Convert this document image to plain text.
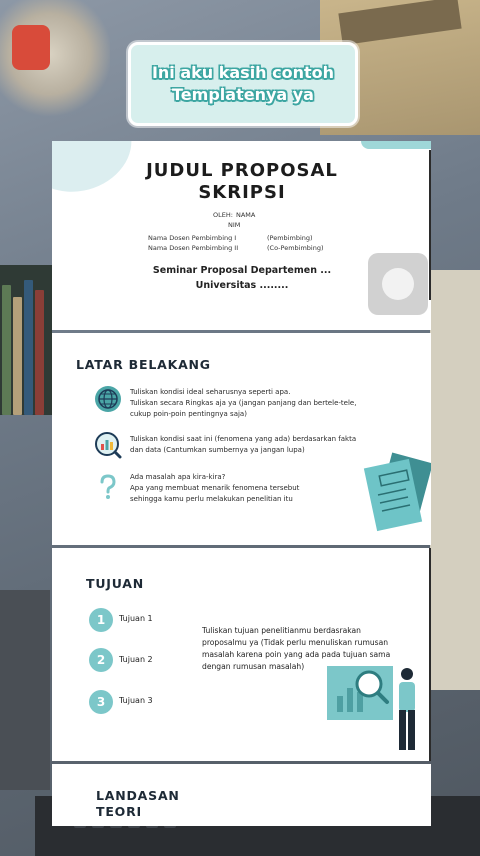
Ini aku kasih contoh
Templatenya ya
JUDUL PROPOSAL
SKRIPSI
OLEH: NAMA
NIM
Nama Dosen Pembimbing I	(Pembimbing)
Nama Dosen Pembimbing II	(Co-Pembimbing)
Seminar Proposal Departemen ...
Universitas ........
LATAR BELAKANG
Tuliskan kondisi ideal seharusnya seperti apa.
Tuliskan secara Ringkas aja ya (jangan panjang dan bertele-tele,
cukup poin-poin pentingnya saja)
Tuliskan kondisi saat ini (fenomena yang ada) berdasarkan fakta
dan data (Cantumkan sumbernya ya jangan lupa)
Ada masalah apa kira-kira?
Apa yang membuat menarik fenomena tersebut
sehingga kamu perlu melakukan penelitian itu
TUJUAN
1	Tujuan 1
2	Tujuan 2
3	Tujuan 3
Tuliskan tujuan penelitianmu berdasrakan
proposalmu ya (Tidak perlu menuliskan rumusan
masalah karena poin yang ada pada tujuan sama
dengan rumusan masalah)
LANDASAN
TEORI
